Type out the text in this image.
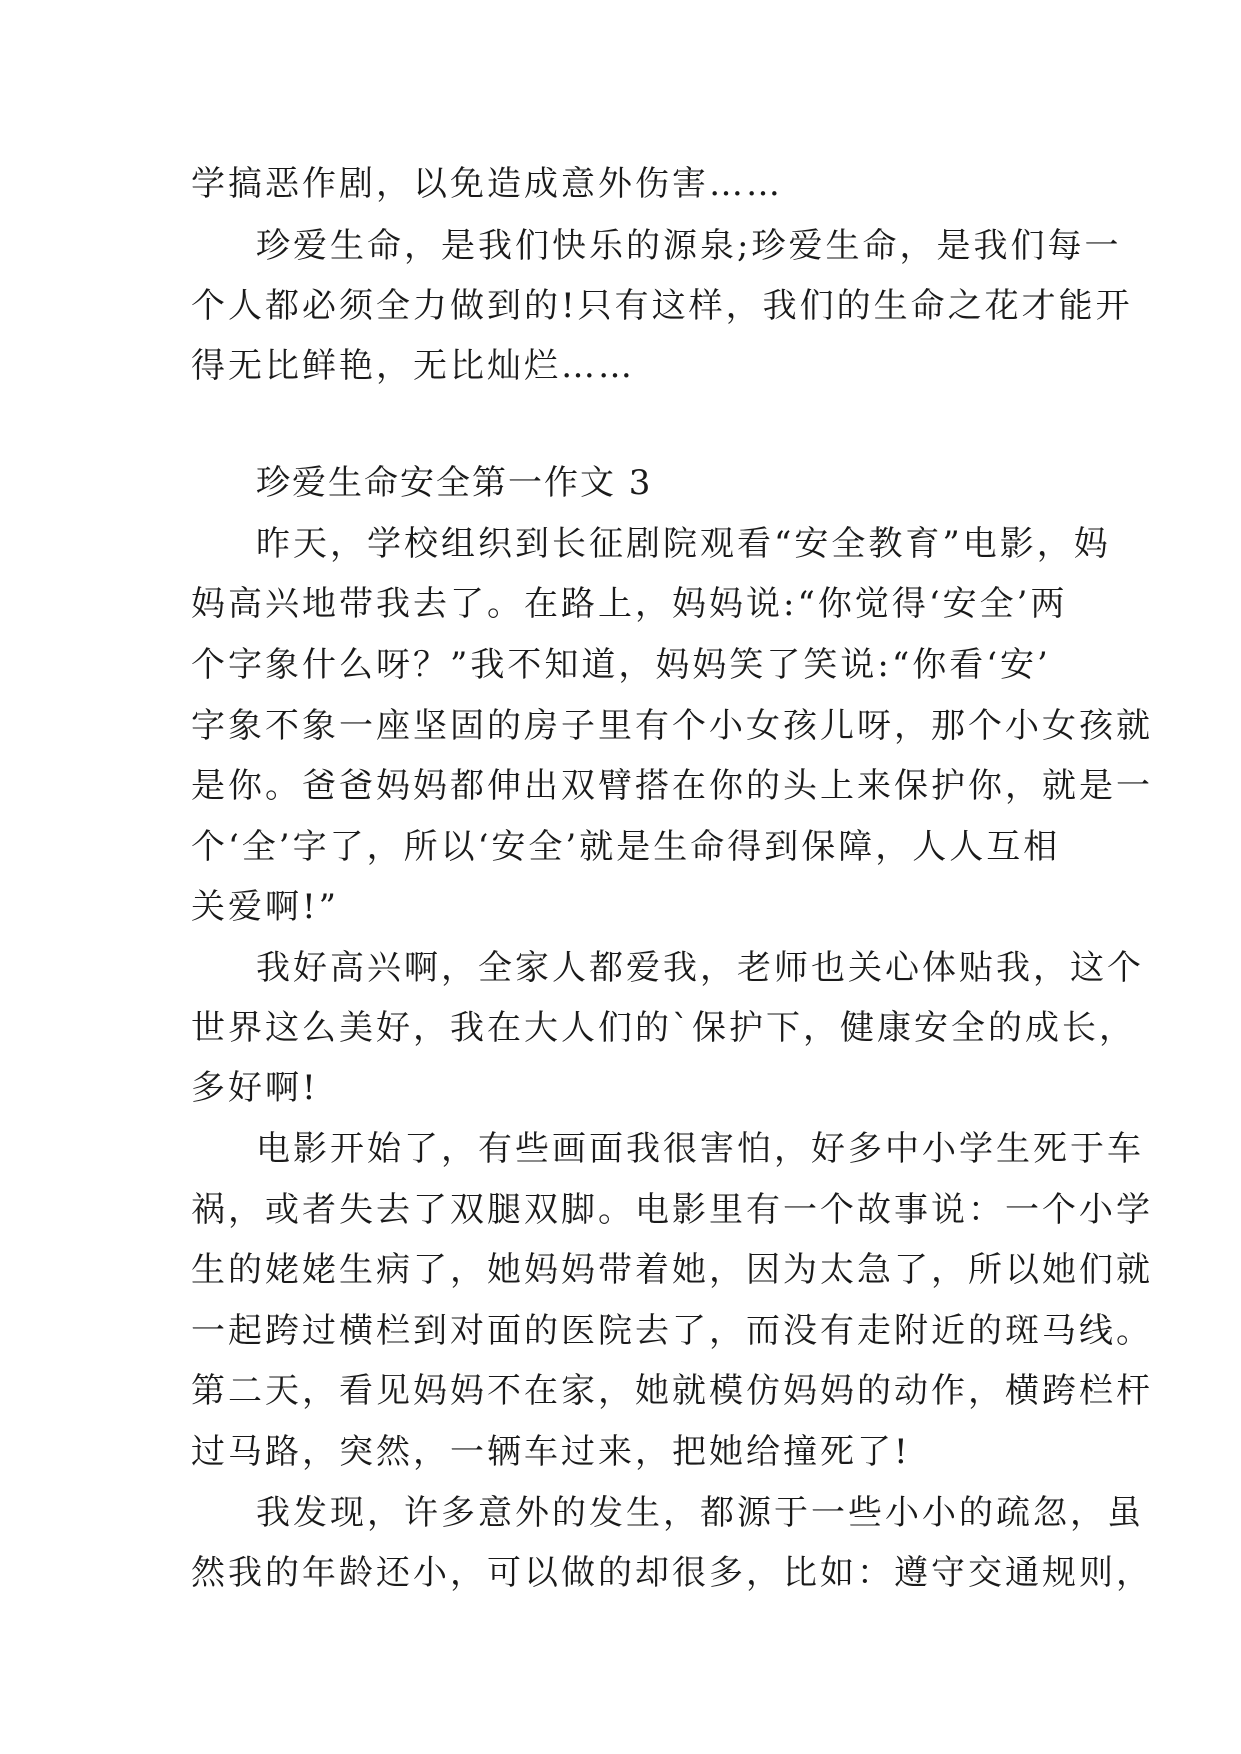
学搞恶作剧，以免造成意外伤害……
珍爱生命，是我们快乐的源泉;珍爱生命，是我们每一
个人都必须全力做到的!只有这样，我们的生命之花才能开
得无比鲜艳，无比灿烂……
珍爱生命安全第一作文 3
昨天，学校组织到长征剧院观看“安全教育”电影，妈
妈高兴地带我去了。在路上，妈妈说:“你觉得‘安全’两
个字象什么呀？”我不知道，妈妈笑了笑说:“你看‘安’
字象不象一座坚固的房子里有个小女孩儿呀，那个小女孩就
是你。爸爸妈妈都伸出双臂搭在你的头上来保护你，就是一
个‘全’字了，所以‘安全’就是生命得到保障，人人互相
关爱啊!”
我好高兴啊，全家人都爱我，老师也关心体贴我，这个
世界这么美好，我在大人们的`保护下，健康安全的成长，
多好啊!
电影开始了，有些画面我很害怕，好多中小学生死于车
祸，或者失去了双腿双脚。电影里有一个故事说：一个小学
生的姥姥生病了，她妈妈带着她，因为太急了，所以她们就
一起跨过横栏到对面的医院去了，而没有走附近的斑马线。
第二天，看见妈妈不在家，她就模仿妈妈的动作，横跨栏杆
过马路，突然，一辆车过来，把她给撞死了!
我发现，许多意外的发生，都源于一些小小的疏忽，虽
然我的年龄还小，可以做的却很多，比如：遵守交通规则，
